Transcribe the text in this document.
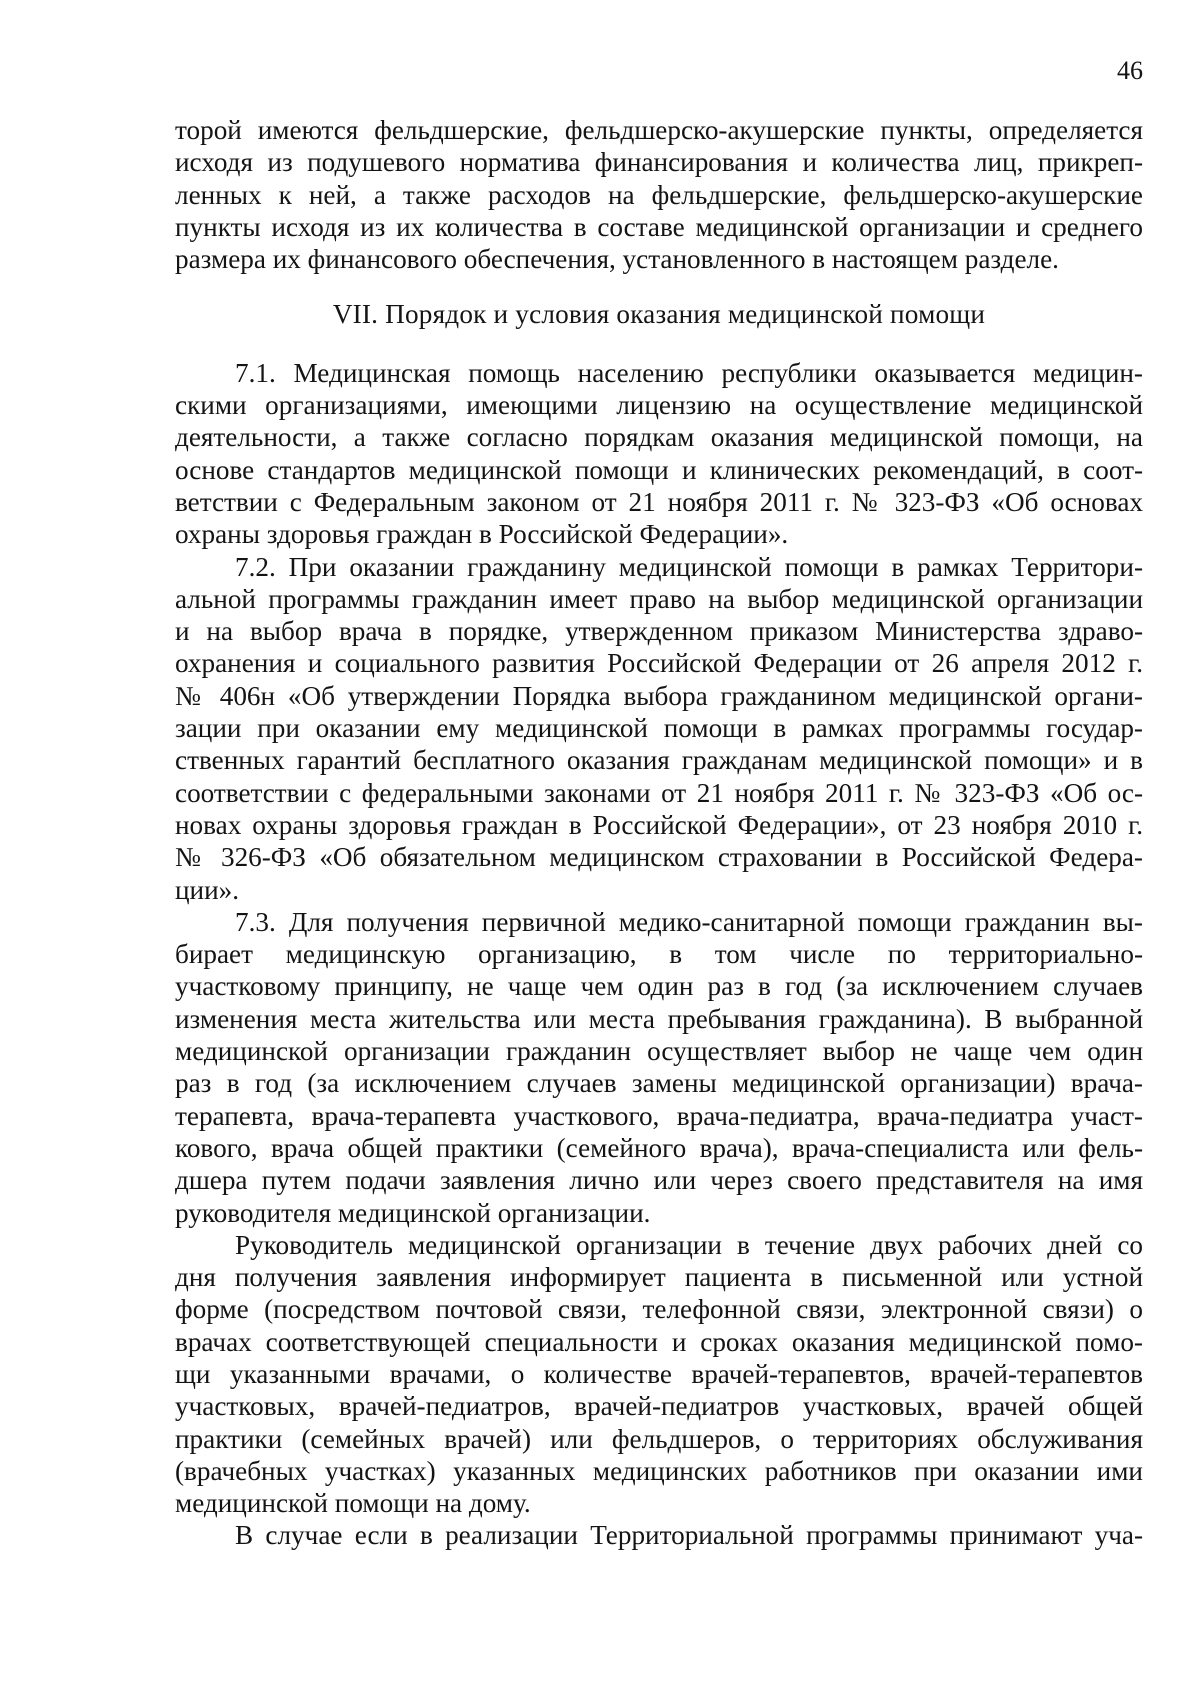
46
торой имеются фельдшерские, фельдшерско-акушерские пункты, определяется
исходя из подушевого норматива финансирования и количества лиц, прикреп-
ленных к ней, а также расходов на фельдшерские, фельдшерско-акушерские
пункты исходя из их количества в составе медицинской организации и среднего
размера их финансового обеспечения, установленного в настоящем разделе.
VII. Порядок и условия оказания медицинской помощи
7.1. Медицинская помощь населению республики оказывается медицин-
скими организациями, имеющими лицензию на осуществление медицинской
деятельности, а также согласно порядкам оказания медицинской помощи, на
основе стандартов медицинской помощи и клинических рекомендаций, в соот-
ветствии с Федеральным законом от 21 ноября 2011 г. № 323-ФЗ «Об основах
охраны здоровья граждан в Российской Федерации».
7.2. При оказании гражданину медицинской помощи в рамках Территори-
альной программы гражданин имеет право на выбор медицинской организации
и на выбор врача в порядке, утвержденном приказом Министерства здраво-
охранения и социального развития Российской Федерации от 26 апреля 2012 г.
№ 406н «Об утверждении Порядка выбора гражданином медицинской органи-
зации при оказании ему медицинской помощи в рамках программы государ-
ственных гарантий бесплатного оказания гражданам медицинской помощи» и в
соответствии с федеральными законами от 21 ноября 2011 г. № 323-ФЗ «Об ос-
новах охраны здоровья граждан в Российской Федерации», от 23 ноября 2010 г.
№ 326-ФЗ «Об обязательном медицинском страховании в Российской Федера-
ции».
7.3. Для получения первичной медико-санитарной помощи гражданин вы-
бирает медицинскую организацию, в том числе по территориально-
участковому принципу, не чаще чем один раз в год (за исключением случаев
изменения места жительства или места пребывания гражданина). В выбранной
медицинской организации гражданин осуществляет выбор не чаще чем один
раз в год (за исключением случаев замены медицинской организации) врача-
терапевта, врача-терапевта участкового, врача-педиатра, врача-педиатра участ-
кового, врача общей практики (семейного врача), врача-специалиста или фель-
дшера путем подачи заявления лично или через своего представителя на имя
руководителя медицинской организации.
Руководитель медицинской организации в течение двух рабочих дней со
дня получения заявления информирует пациента в письменной или устной
форме (посредством почтовой связи, телефонной связи, электронной связи) о
врачах соответствующей специальности и сроках оказания медицинской помо-
щи указанными врачами, о количестве врачей-терапевтов, врачей-терапевтов
участковых, врачей-педиатров, врачей-педиатров участковых, врачей общей
практики (семейных врачей) или фельдшеров, о территориях обслуживания
(врачебных участках) указанных медицинских работников при оказании ими
медицинской помощи на дому.
В случае если в реализации Территориальной программы принимают уча-
